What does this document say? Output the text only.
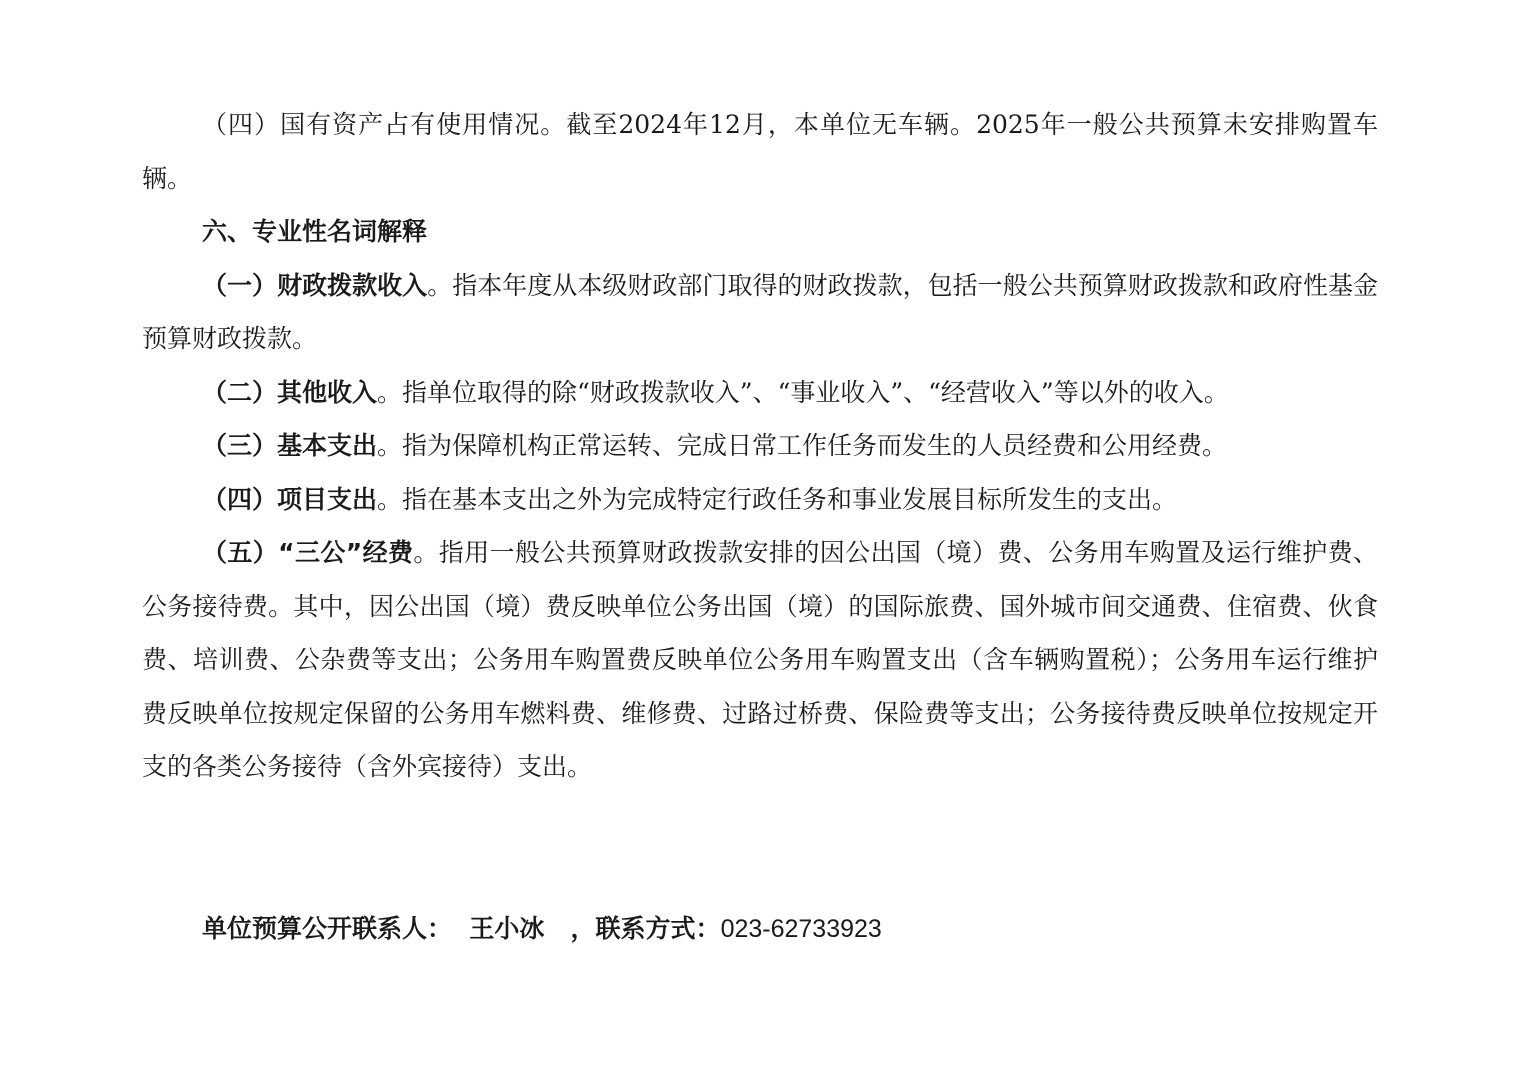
（四）国有资产占有使用情况。截至2024年12月，本单位无车辆。2025年一般公共预算未安排购置车辆。

六、专业性名词解释

（一）财政拨款收入。指本年度从本级财政部门取得的财政拨款，包括一般公共预算财政拨款和政府性基金预算财政拨款。

（二）其他收入。指单位取得的除“财政拨款收入”、“事业收入”、“经营收入”等以外的收入。

（三）基本支出。指为保障机构正常运转、完成日常工作任务而发生的人员经费和公用经费。

（四）项目支出。指在基本支出之外为完成特定行政任务和事业发展目标所发生的支出。

（五）“三公”经费。指用一般公共预算财政拨款安排的因公出国（境）费、公务用车购置及运行维护费、公务接待费。其中，因公出国（境）费反映单位公务出国（境）的国际旅费、国外城市间交通费、住宿费、伙食费、培训费、公杂费等支出；公务用车购置费反映单位公务用车购置支出（含车辆购置税）；公务用车运行维护费反映单位按规定保留的公务用车燃料费、维修费、过路过桥费、保险费等支出；公务接待费反映单位按规定开支的各类公务接待（含外宾接待）支出。

单位预算公开联系人：  王小冰   ，联系方式：023-62733923
